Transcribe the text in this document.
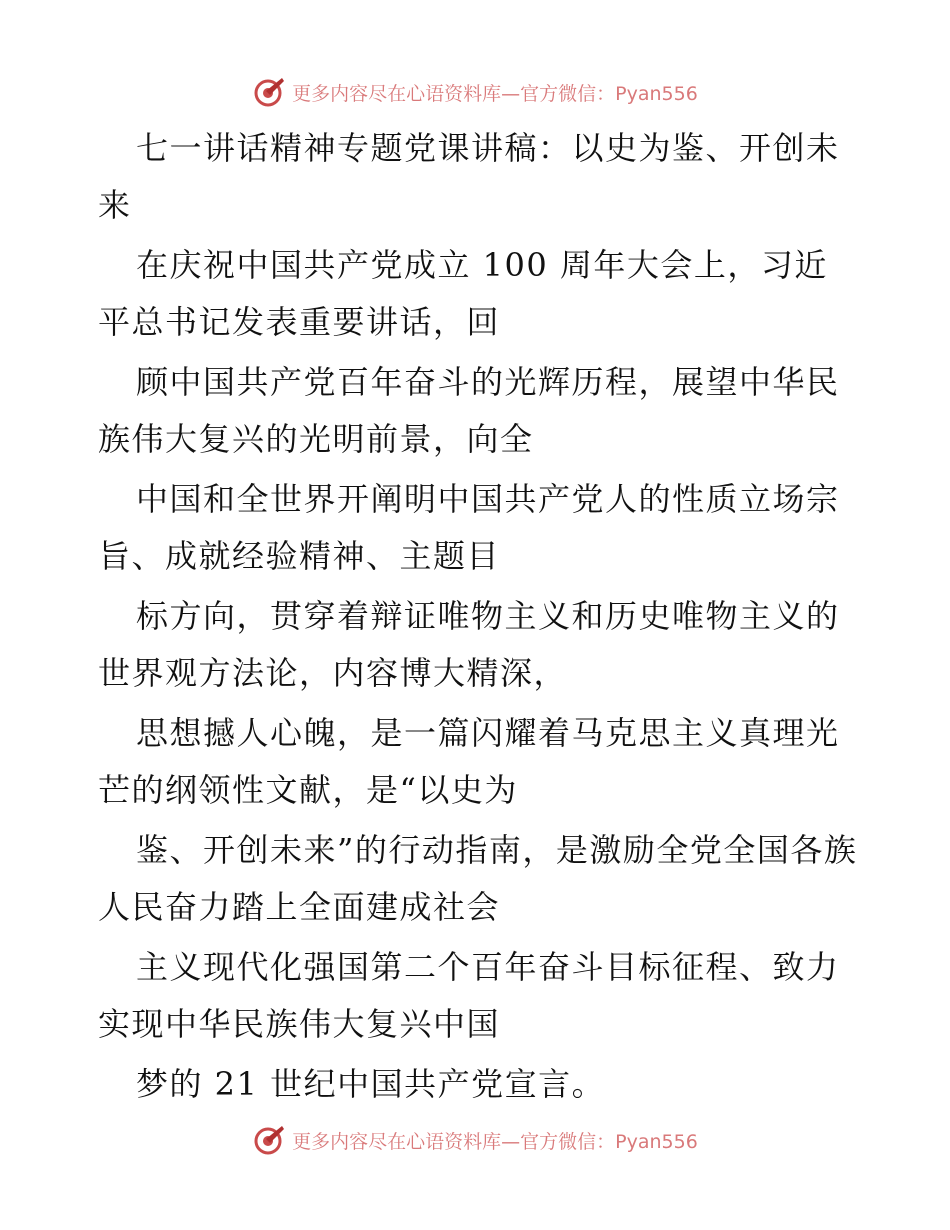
更多内容尽在心语资料库—官方微信：Pyan556

七一讲话精神专题党课讲稿：以史为鉴、开创未来

在庆祝中国共产党成立 100 周年大会上，习近平总书记发表重要讲话，回

顾中国共产党百年奋斗的光辉历程，展望中华民族伟大复兴的光明前景，向全

中国和全世界开阐明中国共产党人的性质立场宗旨、成就经验精神、主题目

标方向，贯穿着辩证唯物主义和历史唯物主义的世界观方法论，内容博大精深，

思想撼人心魄，是一篇闪耀着马克思主义真理光芒的纲领性文献，是“以史为

鉴、开创未来”的行动指南，是激励全党全国各族人民奋力踏上全面建成社会

主义现代化强国第二个百年奋斗目标征程、致力实现中华民族伟大复兴中国

梦的 21 世纪中国共产党宣言。

更多内容尽在心语资料库—官方微信：Pyan556
